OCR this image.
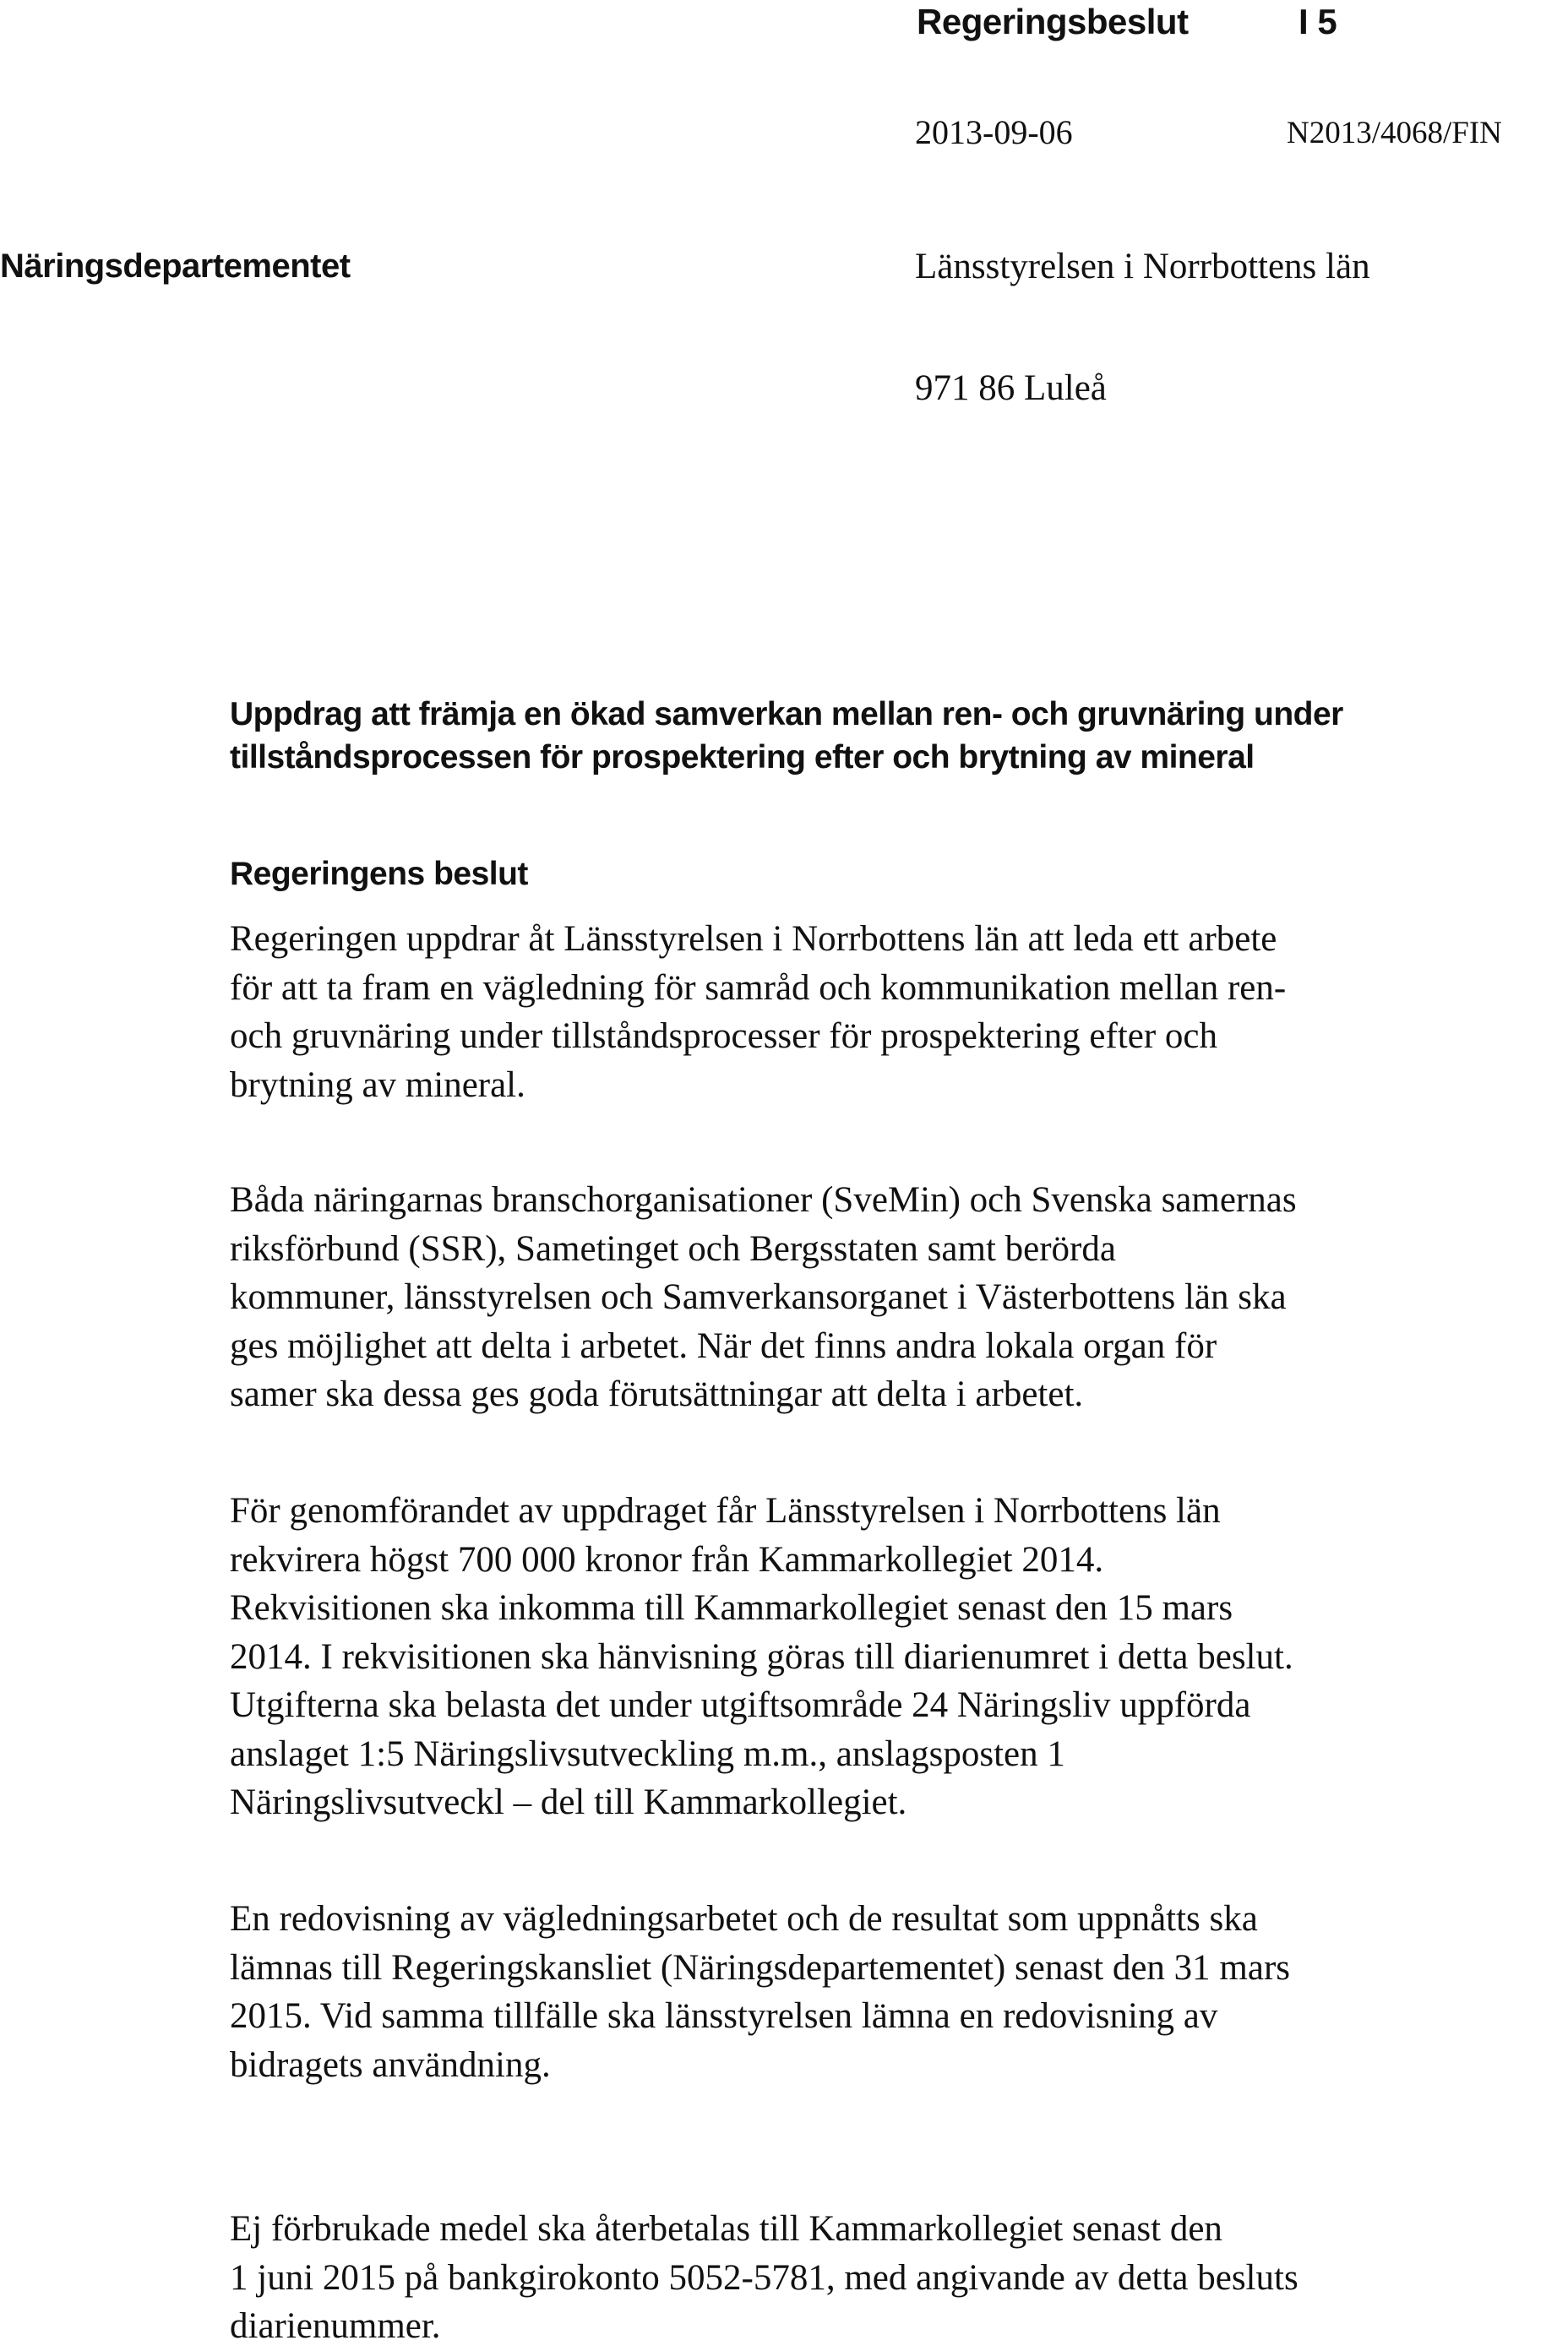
Regeringsbeslut	I 5
2013-09-06	N2013/4068/FIN
Näringsdepartementet	Länsstyrelsen i Norrbottens län
971 86 Luleå
Uppdrag att främja en ökad samverkan mellan ren- och gruvnäring under
tillståndsprocessen för prospektering efter och brytning av mineral
Regeringens beslut
Regeringen uppdrar åt Länsstyrelsen i Norrbottens län att leda ett arbete
för att ta fram en vägledning för samråd och kommunikation mellan ren-
och gruvnäring under tillståndsprocesser för prospektering efter och
brytning av mineral.
Båda näringarnas branschorganisationer (SveMin) och Svenska samernas
riksförbund (SSR), Sametinget och Bergsstaten samt berörda
kommuner, länsstyrelsen och Samverkansorganet i Västerbottens län ska
ges möjlighet att delta i arbetet. När det finns andra lokala organ för
samer ska dessa ges goda förutsättningar att delta i arbetet.
För genomförandet av uppdraget får Länsstyrelsen i Norrbottens län
rekvirera högst 700 000 kronor från Kammarkollegiet 2014.
Rekvisitionen ska inkomma till Kammarkollegiet senast den 15 mars
2014. I rekvisitionen ska hänvisning göras till diarienumret i detta beslut.
Utgifterna ska belasta det under utgiftsområde 24 Näringsliv uppförda
anslaget 1:5 Näringslivsutveckling m.m., anslagsposten 1
Näringslivsutveckl – del till Kammarkollegiet.
En redovisning av vägledningsarbetet och de resultat som uppnåtts ska
lämnas till Regeringskansliet (Näringsdepartementet) senast den 31 mars
2015. Vid samma tillfälle ska länsstyrelsen lämna en redovisning av
bidragets användning.
Ej förbrukade medel ska återbetalas till Kammarkollegiet senast den
1 juni 2015 på bankgirokonto 5052-5781, med angivande av detta besluts
diarienummer.
